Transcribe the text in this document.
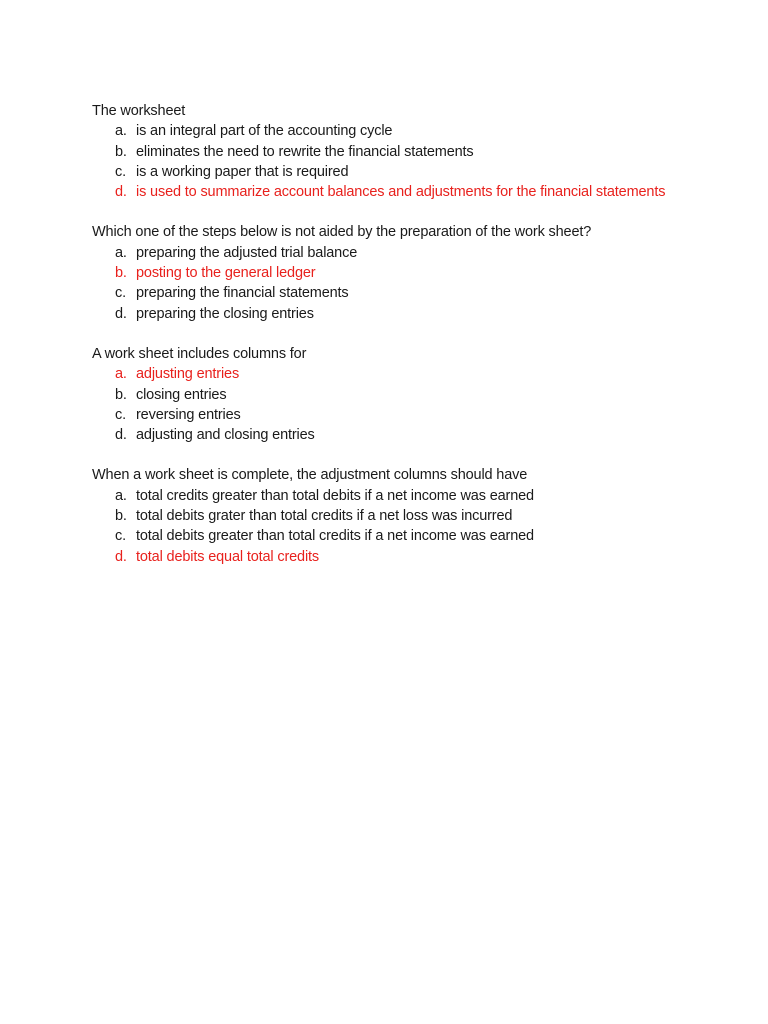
The worksheet
a. is an integral part of the accounting cycle
b. eliminates the need to rewrite the financial statements
c. is a working paper that is required
d. is used to summarize account balances and adjustments for the financial statements
Which one of the steps below is not aided by the preparation of the work sheet?
a. preparing the adjusted trial balance
b. posting to the general ledger
c. preparing the financial statements
d. preparing the closing entries
A work sheet includes columns for
a. adjusting entries
b. closing entries
c. reversing entries
d. adjusting and closing entries
When a work sheet is complete, the adjustment columns should have
a. total credits greater than total debits if a net income was earned
b. total debits grater than total credits if a net loss was incurred
c. total debits greater than total credits if a net income was earned
d. total debits equal total credits
